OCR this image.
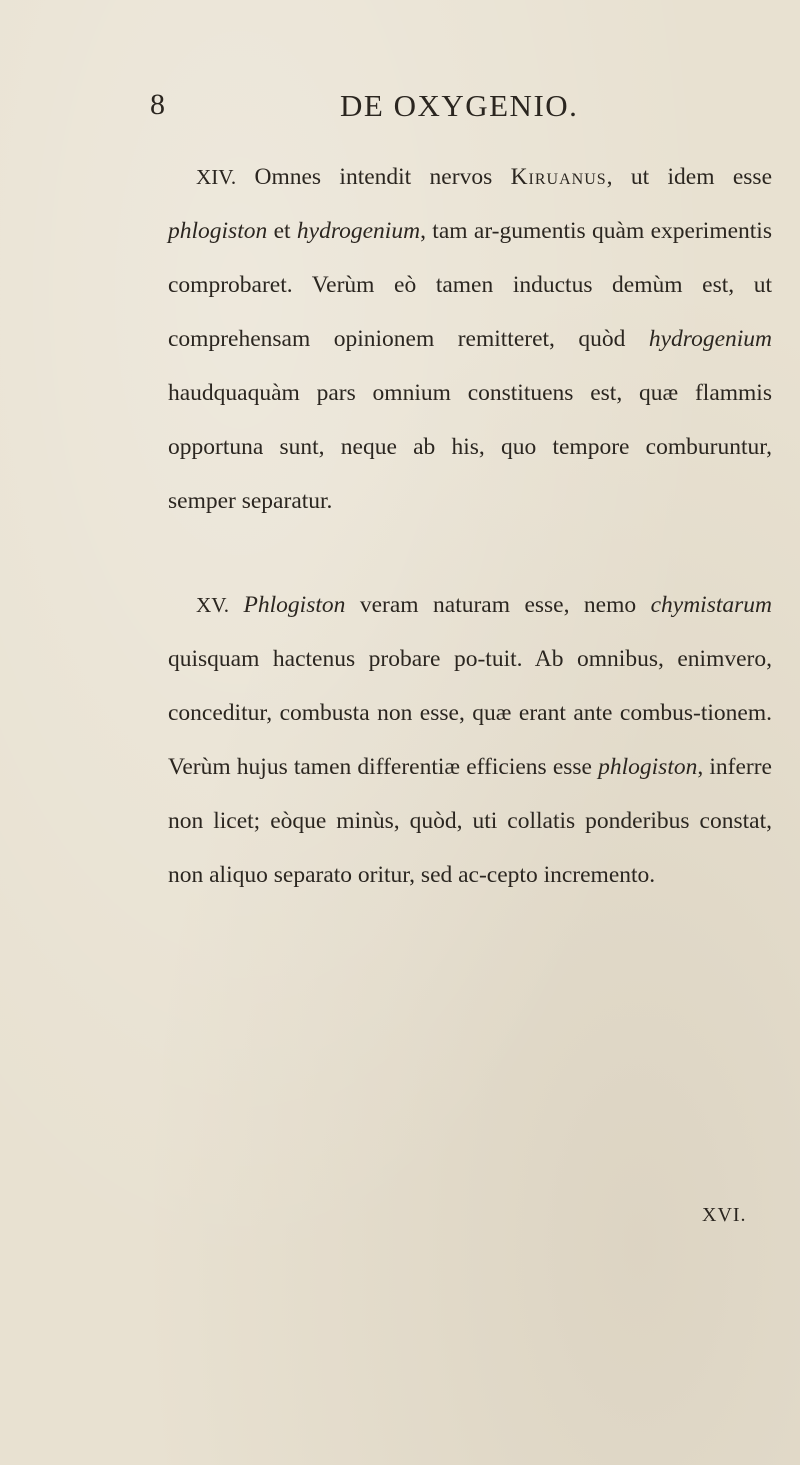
8	DE OXYGENIO.

XIV. Omnes intendit nervos Kiruanus, ut idem esse phlogiston et hydrogenium, tam ar-gumentis quàm experimentis comprobaret. Verùm eò tamen inductus demùm est, ut comprehensam opinionem remitteret, quòd hydrogenium haudquaquàm pars omnium constituens est, quæ flammis opportuna sunt, neque ab his, quo tempore comburuntur, semper separatur.

XV. Phlogiston veram naturam esse, nemo chymistarum quisquam hactenus probare po-tuit. Ab omnibus, enimvero, conceditur, combusta non esse, quæ erant ante combus-tionem. Verùm hujus tamen differentiæ efficiens esse phlogiston, inferre non licet; eòque minùs, quòd, uti collatis ponderibus constat, non aliquo separato oritur, sed ac-cepto incremento.

XVI.
